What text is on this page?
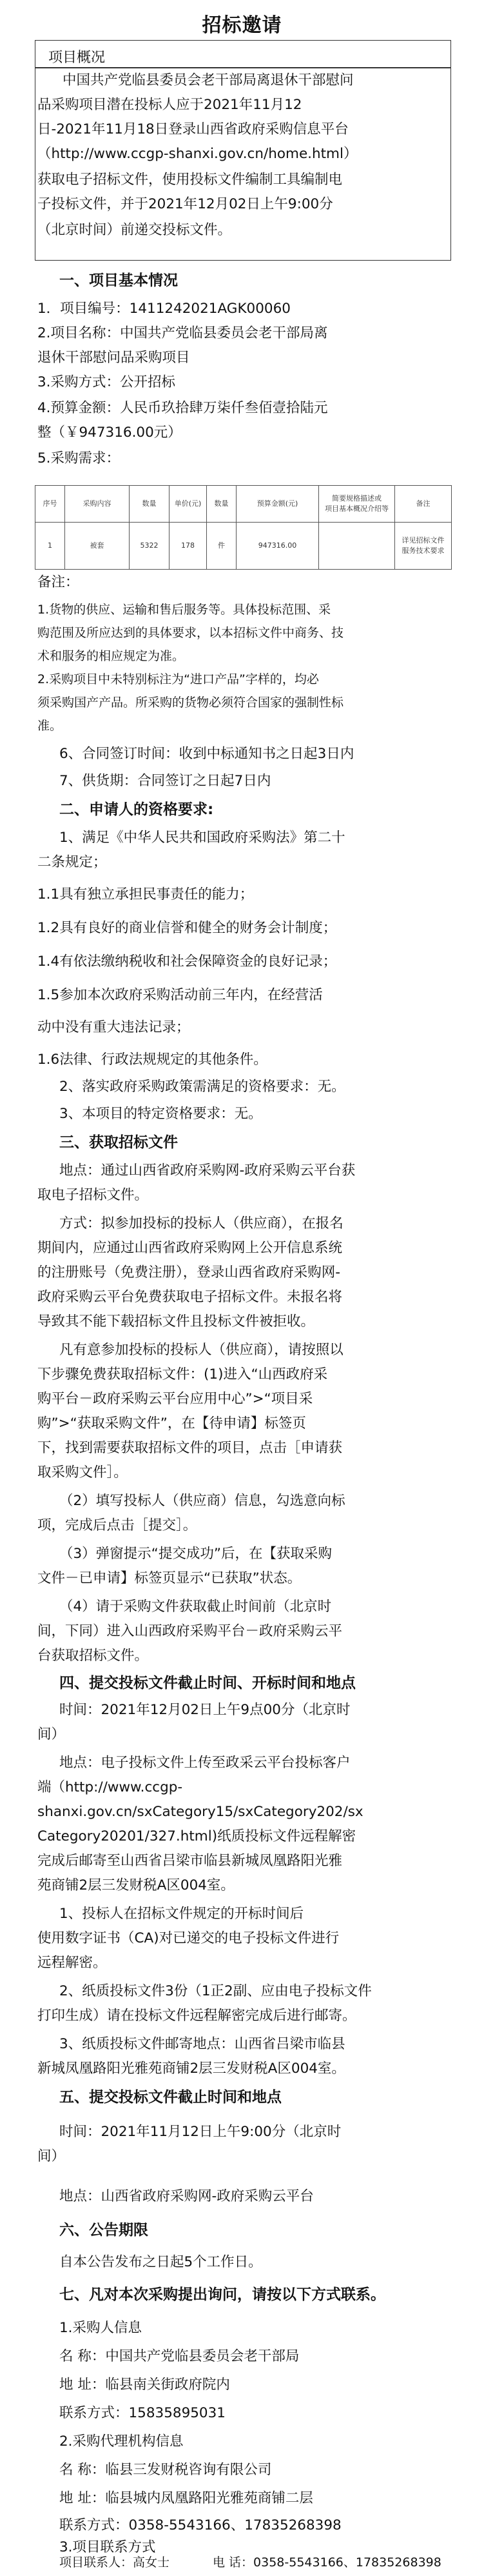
招标邀请
项目概况
中国共产党临县委员会老干部局离退休干部慰问
品采购项目潜在投标人应于2021年11月12
日-2021年11月18日登录山西省政府采购信息平台
（http://www.ccgp-shanxi.gov.cn/home.html）
获取电子招标文件，使用投标文件编制工具编制电
子投标文件，并于2021年12月02日上午9:00分
（北京时间）前递交投标文件。
一、项目基本情况
1．项目编号：1411242021AGK00060
2.项目名称：中国共产党临县委员会老干部局离
退休干部慰问品采购项目
3.采购方式：公开招标
4.预算金额：人民币玖拾肆万柒仟叁佰壹拾陆元
整（￥947316.00元）
5.采购需求：
序号	采购内容	数量	单价(元)	数量	预算金额(元)	简要规格描述或
项目基本概况介绍等	备注
1	被套	5322	178	件	947316.00		详见招标文件
服务技术要求
备注：
1.货物的供应、运输和售后服务等。具体投标范围、采
购范围及所应达到的具体要求，以本招标文件中商务、技
术和服务的相应规定为准。
2.采购项目中未特别标注为“进口产品”字样的，均必
须采购国产产品。所采购的货物必须符合国家的强制性标
准。
6、合同签订时间：收到中标通知书之日起3日内
7、供货期：合同签订之日起7日内
二、申请人的资格要求:
1、满足《中华人民共和国政府采购法》第二十
二条规定；
1.1具有独立承担民事责任的能力；
1.2具有良好的商业信誉和健全的财务会计制度；
1.4有依法缴纳税收和社会保障资金的良好记录；
1.5参加本次政府采购活动前三年内，在经营活
动中没有重大违法记录；
1.6法律、行政法规规定的其他条件。
2、落实政府采购政策需满足的资格要求：无。
3、本项目的特定资格要求：无。
三、获取招标文件
地点：通过山西省政府采购网-政府采购云平台获
取电子招标文件。
方式：拟参加投标的投标人（供应商），在报名
期间内，应通过山西省政府采购网上公开信息系统
的注册账号（免费注册），登录山西省政府采购网-
政府采购云平台免费获取电子招标文件。未报名将
导致其不能下载招标文件且投标文件被拒收。
凡有意参加投标的投标人（供应商），请按照以
下步骤免费获取招标文件：(1)进入“山西政府采
购平台－政府采购云平台应用中心”>“项目采
购”>“获取采购文件”，在【待申请】标签页
下，找到需要获取招标文件的项目，点击［申请获
取采购文件］。
（2）填写投标人（供应商）信息，勾选意向标
项，完成后点击［提交］。
（3）弹窗提示“提交成功”后，在【获取采购
文件－已申请】标签页显示“已获取”状态。
（4）请于采购文件获取截止时间前（北京时
间，下同）进入山西政府采购平台－政府采购云平
台获取招标文件。
四、提交投标文件截止时间、开标时间和地点
时间：2021年12月02日上午9点00分（北京时
间）
地点：电子投标文件上传至政采云平台投标客户
端（http://www.ccgp-
shanxi.gov.cn/sxCategory15/sxCategory202/sx
Category20201/327.html)纸质投标文件远程解密
完成后邮寄至山西省吕梁市临县新城凤凰路阳光雅
苑商铺2层三发财税A区004室。
1、投标人在招标文件规定的开标时间后
使用数字证书（CA)对已递交的电子投标文件进行
远程解密。
2、纸质投标文件3份（1正2副、应由电子投标文件
打印生成）请在投标文件远程解密完成后进行邮寄。
3、纸质投标文件邮寄地点：山西省吕梁市临县
新城凤凰路阳光雅苑商铺2层三发财税A区004室。
五、提交投标文件截止时间和地点
时间：2021年11月12日上午9:00分（北京时
间）
地点：山西省政府采购网-政府采购云平台
六、公告期限
自本公告发布之日起5个工作日。
七、凡对本次采购提出询问，请按以下方式联系。
1.采购人信息
名 称：中国共产党临县委员会老干部局
地 址：临县南关街政府院内
联系方式：15835895031
2.采购代理机构信息
名 称：临县三发财税咨询有限公司
地 址：临县城内凤凰路阳光雅苑商铺二层
联系方式：0358-5543166、17835268398
3.项目联系方式
项目联系人：高女士	电 话：0358-5543166、17835268398
